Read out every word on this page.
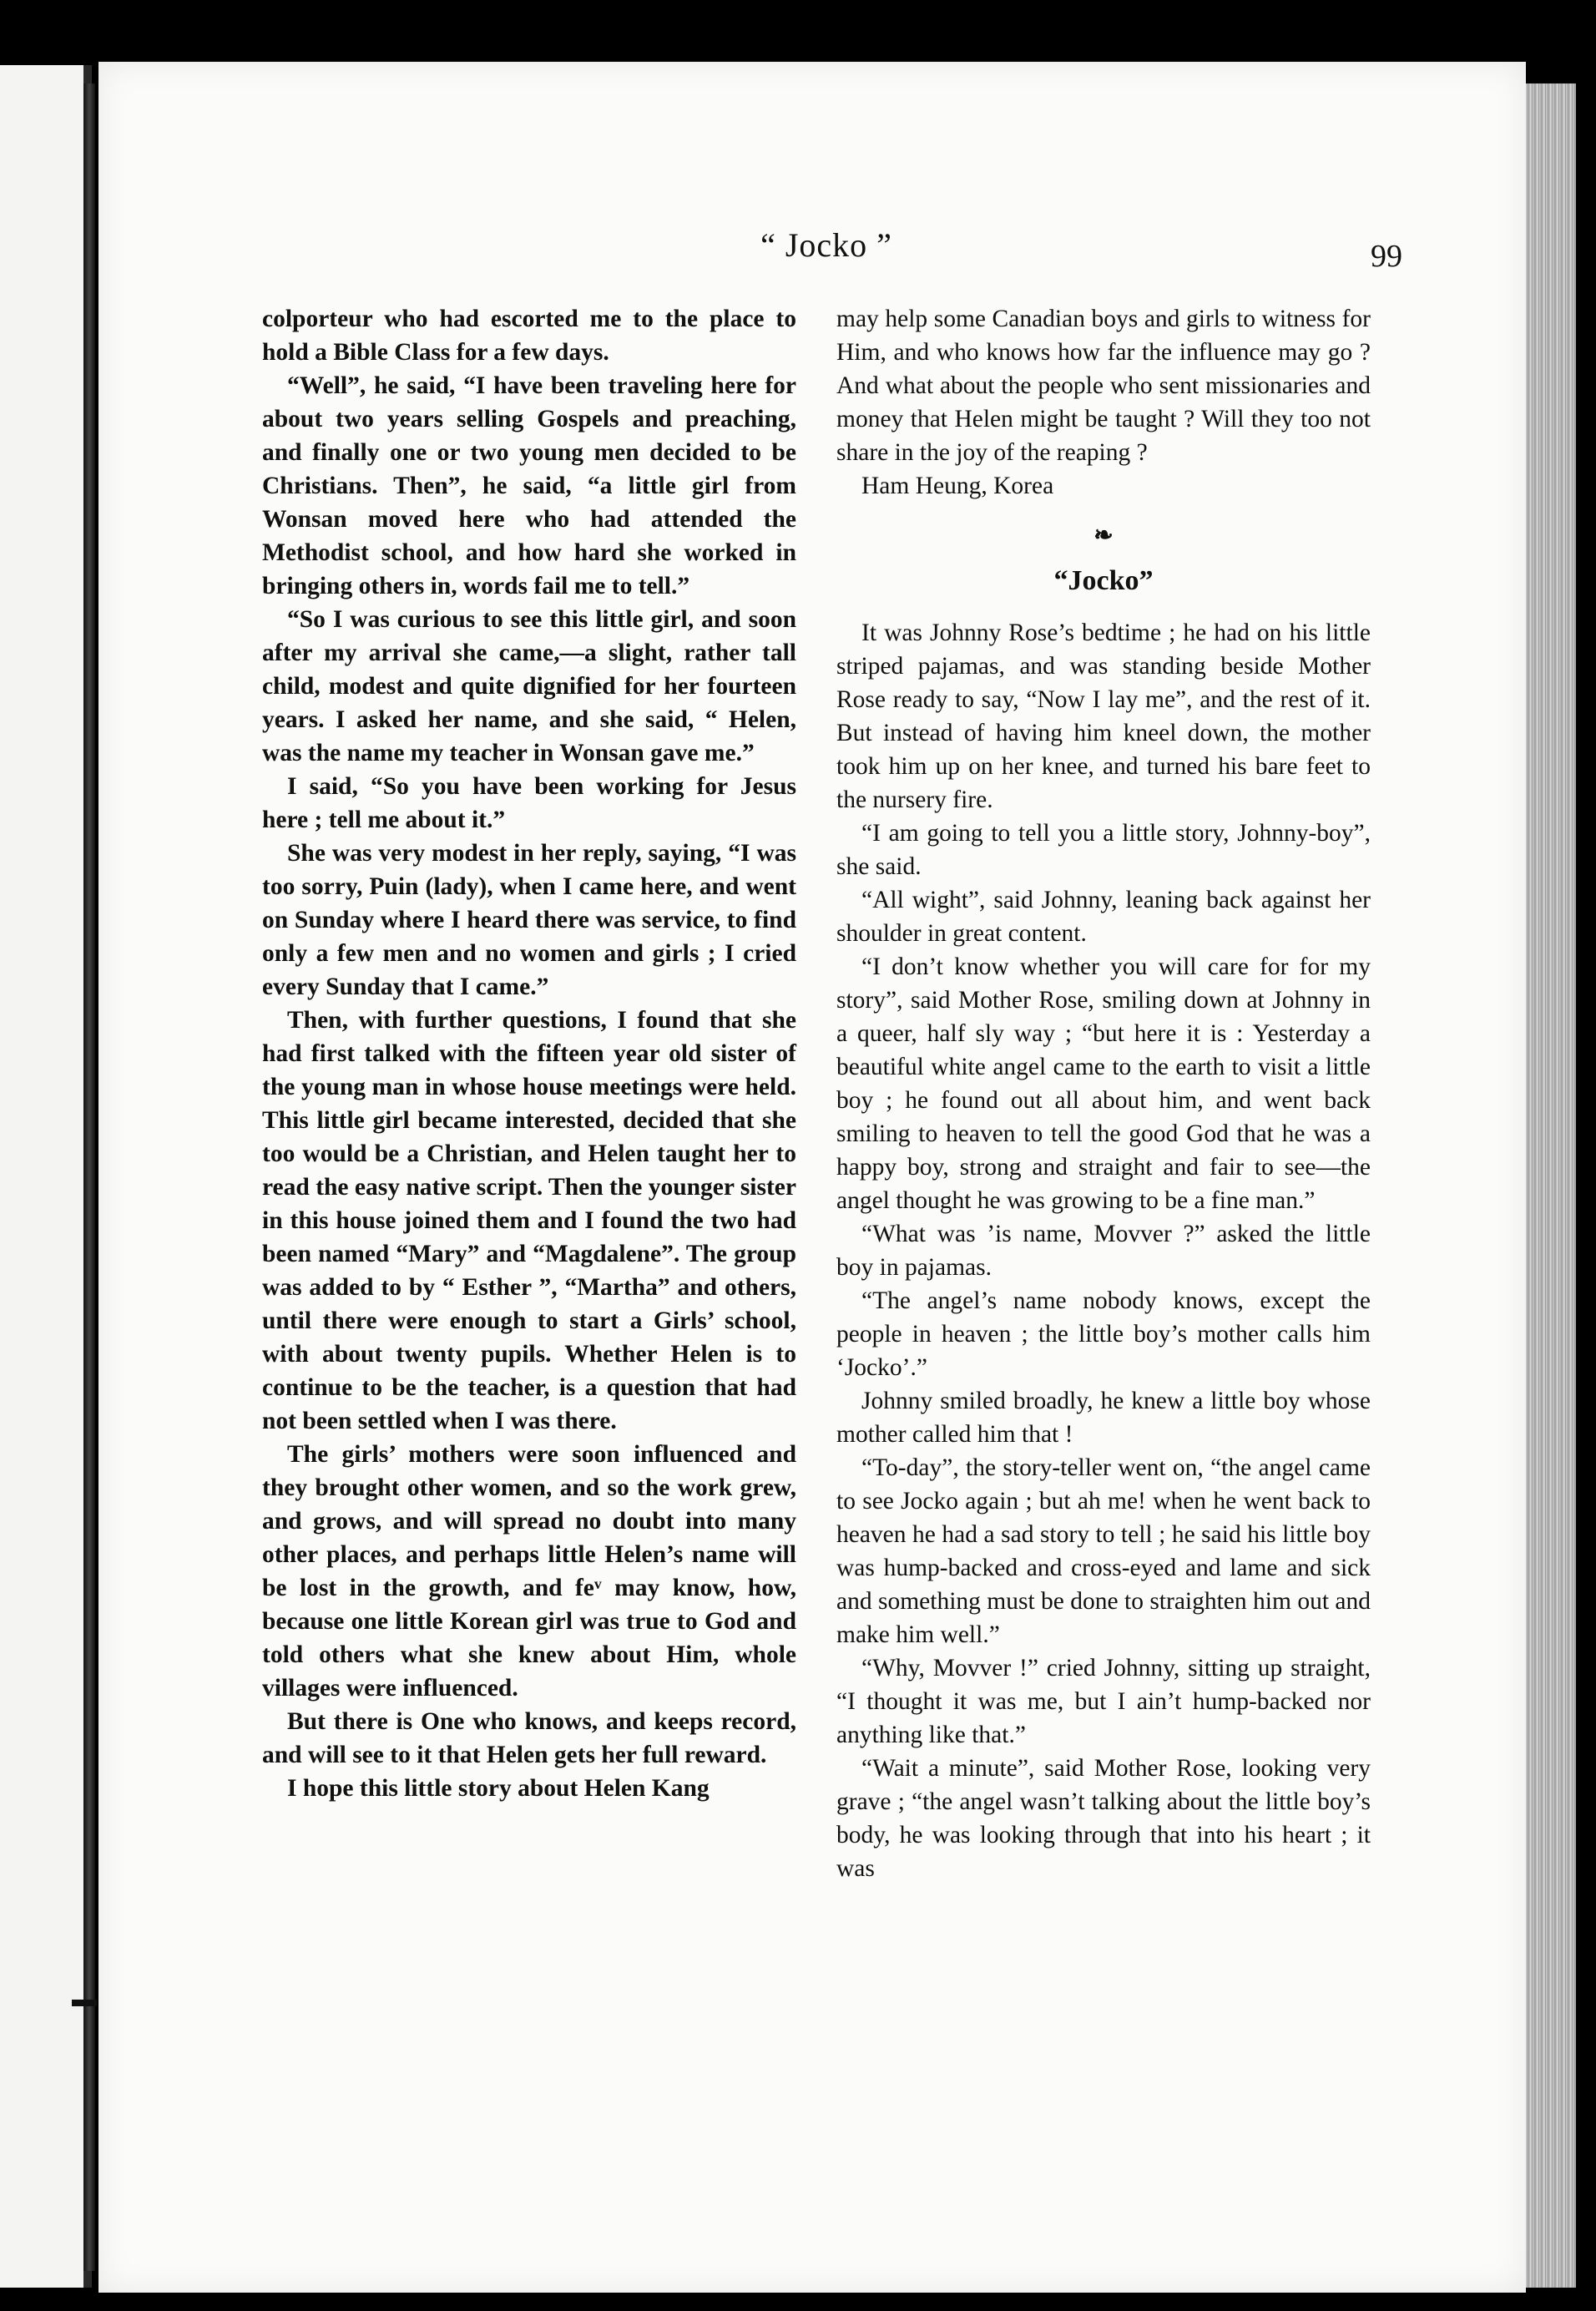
“ Jocko ”	99

colporteur who had escorted me to the place to hold a Bible Class for a few days.

“Well”, he said, “I have been traveling here for about two years selling Gospels and preaching, and finally one or two young men decided to be Christians. Then”, he said, “a little girl from Wonsan moved here who had attended the Methodist school, and how hard she worked in bringing others in, words fail me to tell.”

“So I was curious to see this little girl, and soon after my arrival she came,—a slight, rather tall child, modest and quite dignified for her fourteen years. I asked her name, and she said, “ Helen, was the name my teacher in Wonsan gave me.”

I said, “So you have been working for Jesus here ; tell me about it.”

She was very modest in her reply, saying, “I was too sorry, Puin (lady), when I came here, and went on Sunday where I heard there was service, to find only a few men and no women and girls ; I cried every Sunday that I came.”

Then, with further questions, I found that she had first talked with the fifteen year old sister of the young man in whose house meetings were held. This little girl became interested, decided that she too would be a Christian, and Helen taught her to read the easy native script. Then the younger sister in this house joined them and I found the two had been named “Mary” and “Magdalene”. The group was added to by “ Esther ”, “Martha” and others, until there were enough to start a Girls’ school, with about twenty pupils. Whether Helen is to continue to be the teacher, is a question that had not been settled when I was there.

The girls’ mothers were soon influenced and they brought other women, and so the work grew, and grows, and will spread no doubt into many other places, and perhaps little Helen’s name will be lost in the growth, and feᵛ may know, how, because one little Korean girl was true to God and told others what she knew about Him, whole villages were influenced.

But there is One who knows, and keeps record, and will see to it that Helen gets her full reward.

I hope this little story about Helen Kang

may help some Canadian boys and girls to witness for Him, and who knows how far the influence may go ? And what about the people who sent missionaries and money that Helen might be taught ? Will they too not share in the joy of the reaping ?

Ham Heung, Korea

❧
“Jocko”

It was Johnny Rose’s bedtime ; he had on his little striped pajamas, and was standing beside Mother Rose ready to say, “Now I lay me”, and the rest of it. But instead of having him kneel down, the mother took him up on her knee, and turned his bare feet to the nursery fire.

“I am going to tell you a little story, Johnny-boy”, she said.

“All wight”, said Johnny, leaning back against her shoulder in great content.

“I don’t know whether you will care for for my story”, said Mother Rose, smiling down at Johnny in a queer, half sly way ; “but here it is : Yesterday a beautiful white angel came to the earth to visit a little boy ; he found out all about him, and went back smiling to heaven to tell the good God that he was a happy boy, strong and straight and fair to see—the angel thought he was growing to be a fine man.”

“What was ’is name, Movver ?” asked the little boy in pajamas.

“The angel’s name nobody knows, except the people in heaven ; the little boy’s mother calls him ‘Jocko’.”

Johnny smiled broadly, he knew a little boy whose mother called him that !

“To-day”, the story-teller went on, “the angel came to see Jocko again ; but ah me! when he went back to heaven he had a sad story to tell ; he said his little boy was hump-backed and cross-eyed and lame and sick and something must be done to straighten him out and make him well.”

“Why, Movver !” cried Johnny, sitting up straight, “I thought it was me, but I ain’t hump-backed nor anything like that.”

“Wait a minute”, said Mother Rose, looking very grave ; “the angel wasn’t talking about the little boy’s body, he was looking through that into his heart ; it was
